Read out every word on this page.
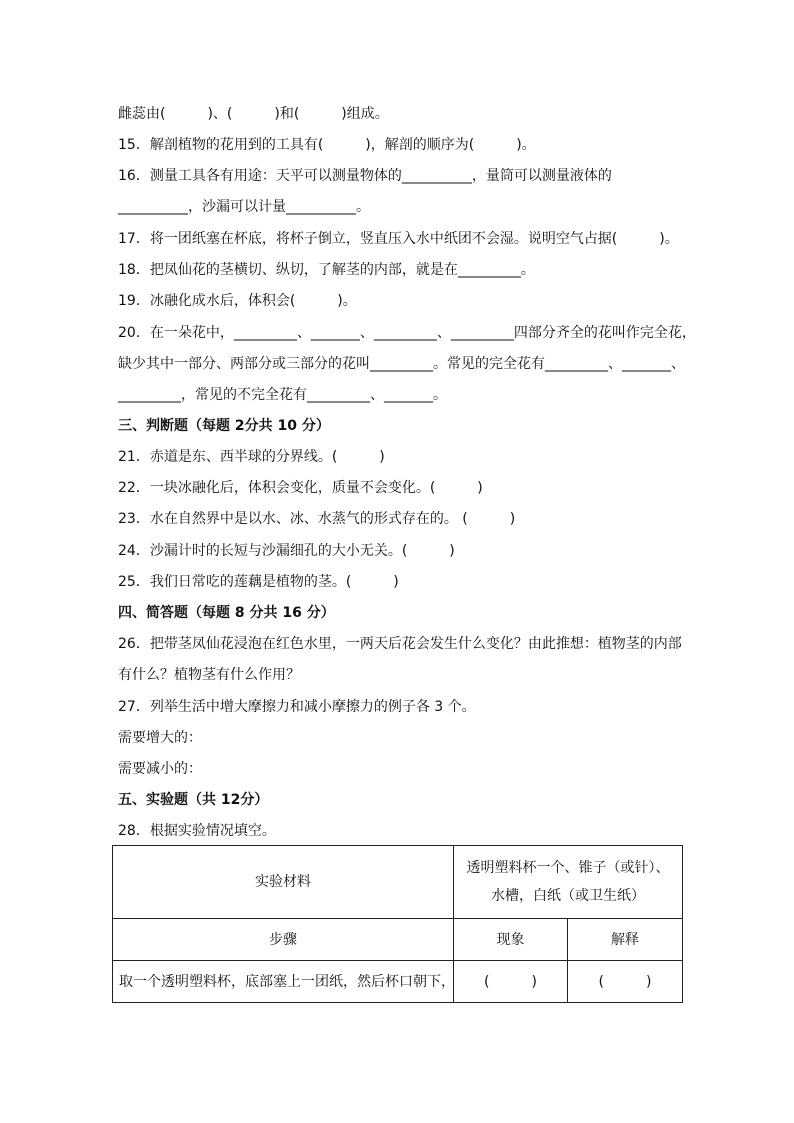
雌蕊由(　　　)、(　　　)和(　　　)组成。
15．解剖植物的花用到的工具有(　　　)，解剖的顺序为(　　　)。
16．测量工具各有用途：天平可以测量物体的__________，量筒可以测量液体的
__________，沙漏可以计量__________。
17．将一团纸塞在杯底，将杯子倒立，竖直压入水中纸团不会湿。说明空气占据(　　　)。
18．把凤仙花的茎横切、纵切，了解茎的内部，就是在_________。
19．冰融化成水后，体积会(　　　)。
20．在一朵花中，_________、_______、_________、_________四部分齐全的花叫作完全花，
缺少其中一部分、两部分或三部分的花叫_________。常见的完全花有_________、_______、
_________，常见的不完全花有_________、_______。
三、判断题（每题 2分共 10 分）
21．赤道是东、西半球的分界线。(　　　)
22．一块冰融化后，体积会变化，质量不会变化。(　　　)
23．水在自然界中是以水、冰、水蒸气的形式存在的。 (　　　)
24．沙漏计时的长短与沙漏细孔的大小无关。(　　　)
25．我们日常吃的莲藕是植物的茎。(　　　)
四、简答题（每题 8 分共 16 分）
26．把带茎凤仙花浸泡在红色水里，一两天后花会发生什么变化？由此推想：植物茎的内部
有什么？植物茎有什么作用？
27．列举生活中增大摩擦力和减小摩擦力的例子各 3 个。
需要增大的：
需要减小的：
五、实验题（共 12分）
28．根据实验情况填空。
实验材料	透明塑料杯一个、锥子（或针）、水槽，白纸（或卫生纸）	
步骤	现象	解释
取一个透明塑料杯，底部塞上一团纸，然后杯口朝下，	(　　　)	(　　　)
